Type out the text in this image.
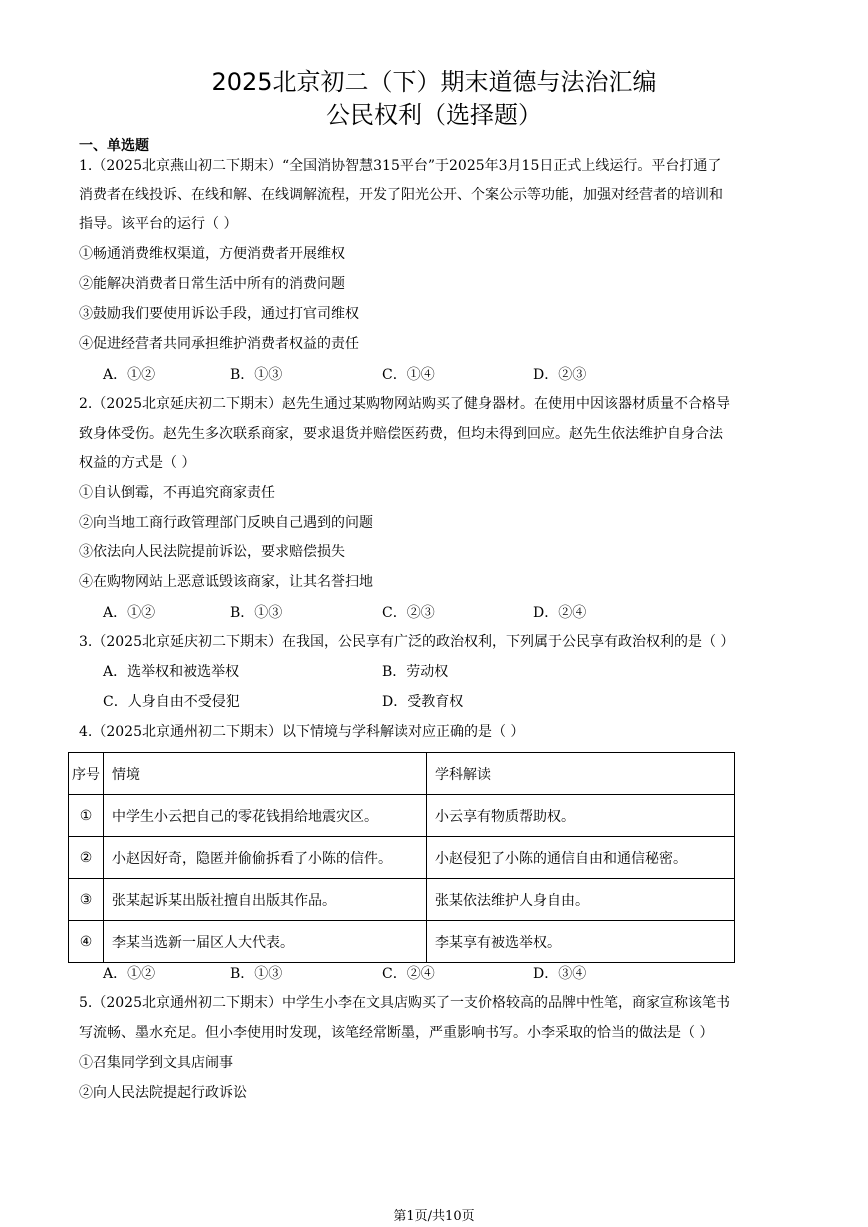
2025北京初二（下）期末道德与法治汇编
公民权利（选择题）
一、单选题
1.（2025北京燕山初二下期末）“全国消协智慧315平台”于2025年3月15日正式上线运行。平台打通了
消费者在线投诉、在线和解、在线调解流程，开发了阳光公开、个案公示等功能，加强对经营者的培训和
指导。该平台的运行（ ）
①畅通消费维权渠道，方便消费者开展维权
②能解决消费者日常生活中所有的消费问题
③鼓励我们要使用诉讼手段，通过打官司维权
④促进经营者共同承担维护消费者权益的责任
A．①②	B．①③	C．①④	D．②③
2.（2025北京延庆初二下期末）赵先生通过某购物网站购买了健身器材。在使用中因该器材质量不合格导
致身体受伤。赵先生多次联系商家，要求退货并赔偿医药费，但均未得到回应。赵先生依法维护自身合法
权益的方式是（ ）
①自认倒霉，不再追究商家责任
②向当地工商行政管理部门反映自己遇到的问题
③依法向人民法院提前诉讼，要求赔偿损失
④在购物网站上恶意诋毁该商家，让其名誉扫地
A．①②	B．①③	C．②③	D．②④
3.（2025北京延庆初二下期末）在我国，公民享有广泛的政治权利，下列属于公民享有政治权利的是（ ）
A．选举权和被选举权	B．劳动权
C．人身自由不受侵犯	D．受教育权
4.（2025北京通州初二下期末）以下情境与学科解读对应正确的是（ ）
序号	情境	学科解读
①	中学生小云把自己的零花钱捐给地震灾区。	小云享有物质帮助权。
②	小赵因好奇，隐匿并偷偷拆看了小陈的信件。	小赵侵犯了小陈的通信自由和通信秘密。
③	张某起诉某出版社擅自出版其作品。	张某依法维护人身自由。
④	李某当选新一届区人大代表。	李某享有被选举权。
A．①②	B．①③	C．②④	D．③④
5.（2025北京通州初二下期末）中学生小李在文具店购买了一支价格较高的品牌中性笔，商家宣称该笔书
写流畅、墨水充足。但小李使用时发现，该笔经常断墨，严重影响书写。小李采取的恰当的做法是（ ）
①召集同学到文具店闹事
②向人民法院提起行政诉讼
第1页/共10页
